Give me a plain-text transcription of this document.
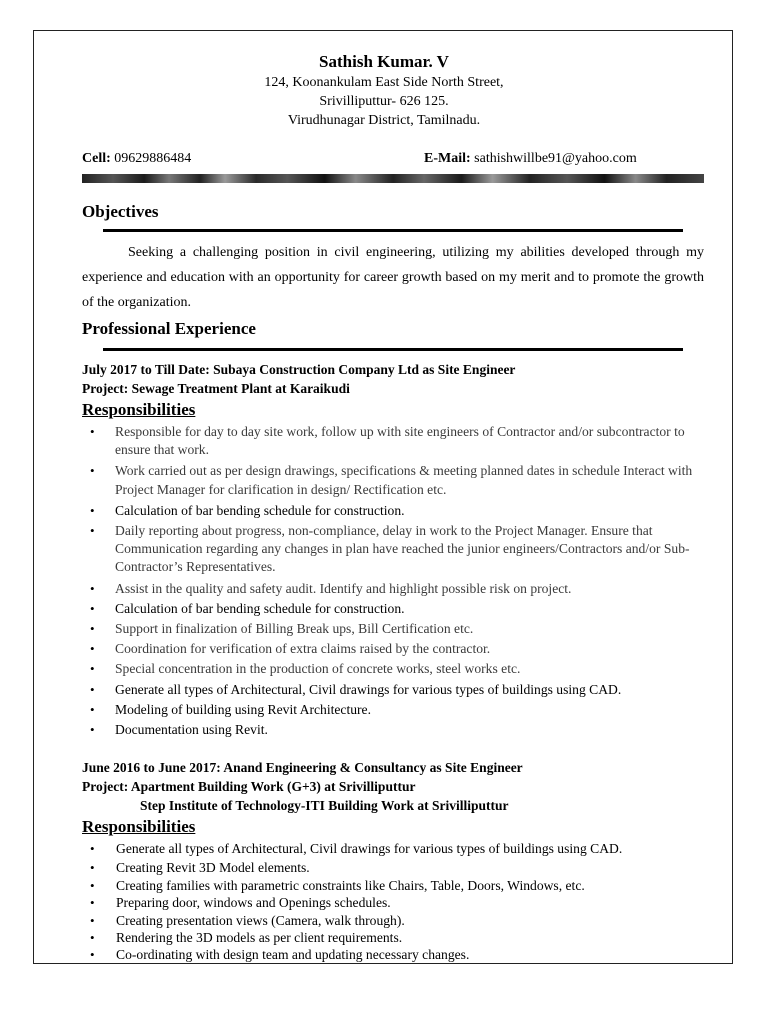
Sathish Kumar. V
124, Koonankulam East Side North Street,
Srivilliputtur- 626 125.
Virudhunagar District, Tamilnadu.
Cell: 09629886484	E-Mail: sathishwillbe91@yahoo.com
Objectives
Seeking a challenging position in civil engineering, utilizing my abilities developed through my experience and education with an opportunity for career growth based on my merit and to promote the growth of the organization.
Professional Experience
July 2017 to Till Date: Subaya Construction Company Ltd as Site Engineer
Project: Sewage Treatment Plant at Karaikudi
Responsibilities
• Responsible for day to day site work, follow up with site engineers of Contractor and/or subcontractor to ensure that work.
• Work carried out as per design drawings, specifications & meeting planned dates in schedule Interact with Project Manager for clarification in design/ Rectification etc.
• Calculation of bar bending schedule for construction.
• Daily reporting about progress, non-compliance, delay in work to the Project Manager. Ensure that Communication regarding any changes in plan have reached the junior engineers/Contractors and/or Sub-Contractor’s Representatives.
• Assist in the quality and safety audit. Identify and highlight possible risk on project.
• Calculation of bar bending schedule for construction.
• Support in finalization of Billing Break ups, Bill Certification etc.
• Coordination for verification of extra claims raised by the contractor.
• Special concentration in the production of concrete works, steel works etc.
• Generate all types of Architectural, Civil drawings for various types of buildings using CAD.
• Modeling of building using Revit Architecture.
• Documentation using Revit.
June 2016 to June 2017: Anand Engineering & Consultancy as Site Engineer
Project: Apartment Building Work (G+3) at Srivilliputtur
Step Institute of Technology-ITI Building Work at Srivilliputtur
Responsibilities
• Generate all types of Architectural, Civil drawings for various types of buildings using CAD.
• Creating Revit 3D Model elements.
• Creating families with parametric constraints like Chairs, Table, Doors, Windows, etc.
• Preparing door, windows and Openings schedules.
• Creating presentation views (Camera, walk through).
• Rendering the 3D models as per client requirements.
• Co-ordinating with design team and updating necessary changes.
